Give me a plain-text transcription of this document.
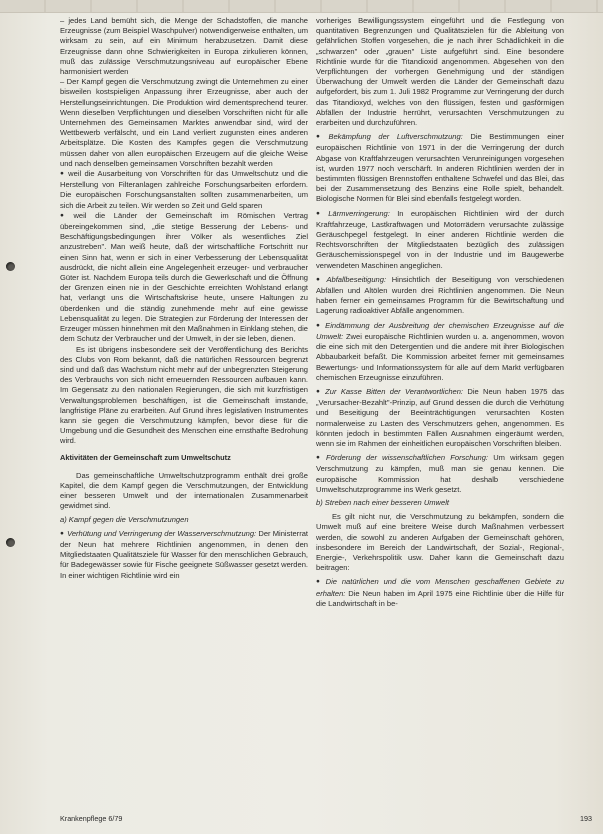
– jedes Land bemüht sich, die Menge der Schadstoffen, die manche Erzeugnisse (zum Beispiel Waschpulver) notwendigerweise enthalten, um wirksam zu sein, auf ein Minimum herabzusetzen. Damit diese Erzeugnisse dann ohne Schwierigkeiten in Europa zirkulieren können, muß das zulässige Verschmutzungsniveau auf europäischer Ebene harmonisiert werden

– Der Kampf gegen die Verschmutzung zwingt die Unternehmen zu einer bisweilen kostspieligen Anpassung ihrer Erzeugnisse, aber auch der Herstellungseinrichtungen. Die Produktion wird dementsprechend teurer. Wenn dieselben Verpflichtungen und dieselben Vorschriften nicht für alle Unternehmen des Gemeinsamen Marktes anwendbar sind, wird der Wettbewerb verfälscht, und ein Land verliert zugunsten eines anderen Arbeitsplätze. Die Kosten des Kampfes gegen die Verschmutzung müssen daher von allen europäischen Erzeugern auf die gleiche Weise und nach denselben gemeinsamen Vorschriften bezahlt werden

● weil die Ausarbeitung von Vorschriften für das Umweltschutz und die Herstellung von Filteranlagen zahlreiche Forschungsarbeiten erfordern. Die europäischen Forschungsanstalten sollten zusammenarbeiten, um sich die Arbeit zu teilen. Wir werden so Zeit und Geld sparen

● weil die Länder der Gemeinschaft im Römischen Vertrag übereingekommen sind, „die stetige Besserung der Lebens- und Beschäftigungsbedingungen ihrer Völker als wesentliches Ziel anzustreben". Man weiß heute, daß der wirtschaftliche Fortschritt nur einen Sinn hat, wenn er sich in einer Verbesserung der Lebensqualität ausdrückt, die nicht allein eine Angelegenheit erzeuger- und verbraucher Güter ist. Nachdem Europa teils durch die Gewerkschaft und die Öffnung der Grenzen einen nie in der Geschichte erreichten Wohlstand erlangt hat, verlangt uns die Wirtschaftskrise heute, unsere Haltungen zu überdenken und die ständig zunehmende mehr auf eine gewisse Lebensqualität zu legen. Die Strategien zur Förderung der Interessen der Erzeuger müssen hinnehmen mit den Maßnahmen in Einklang stehen, die dem Schutz der Verbraucher und der Umwelt, in der sie leben, dienen.

Es ist übrigens insbesondere seit der Veröffentlichung des Berichts des Clubs von Rom bekannt, daß die natürlichen Ressourcen begrenzt sind und daß das Wachstum nicht mehr auf der unbegrenzten Steigerung des Verbrauchs von sich nicht erneuernden Ressourcen aufbauen kann. Im Gegensatz zu den nationalen Regierungen, die sich mit kurzfristigen Verwaltungsproblemen beschäftigen, ist die Gemeinschaft imstande, langfristige Pläne zu erarbeiten. Auf Grund ihres legislativen Instrumentes kann sie gegen die Verschmutzung kämpfen, bevor diese für die Umgebung und die Gesundheit des Menschen eine ernsthafte Bedrohung wird.

Aktivitäten der Gemeinschaft zum Umweltschutz

Das gemeinschaftliche Umweltschutzprogramm enthält drei große Kapitel, die dem Kampf gegen die Verschmutzungen, der Entwicklung einer besseren Umwelt und der internationalen Zusammenarbeit gewidmet sind.

a) Kampf gegen die Verschmutzungen

● Verhütung und Verringerung der Wasserverschmutzung: Der Ministerrat der Neun hat mehrere Richtlinien angenommen, in denen den Mitgliedstaaten Qualitätsziele für Wasser für den menschlichen Gebrauch, für Badegewässer sowie für Fische geeignete Süßwasser gesetzt werden. In einer wichtigen Richtlinie wird ein

vorheriges Bewilligungssystem eingeführt und die Festlegung von quantitativen Begrenzungen und Qualitätszielen für die Ableitung von gefährlichen Stoffen vorgesehen, die je nach ihrer Schädlichkeit in die „schwarzen" oder „grauen" Liste aufgeführt sind. Eine besondere Richtlinie wurde für die Titandioxid angenommen. Abgesehen von den Verpflichtungen der vorhergen Genehmigung und der ständigen Überwachung der Umwelt werden die Länder der Gemeinschaft dazu aufgefordert, bis zum 1. Juli 1982 Programme zur Verringerung der durch das Titandioxyd, welches von den flüssigen, festen und gasförmigen Abfällen der Industrie herrührt, verursachten Verschmutzungen zu erarbeiten und durchzuführen.

● Bekämpfung der Luftverschmutzung: Die Bestimmungen einer europäischen Richtlinie von 1971 in der die Verringerung der durch Abgase von Kraftfahrzeugen verursachten Verunreinigungen vorgesehen ist, wurden 1977 noch verschärft. In anderen Richtlinien werden der in bestimmten flüssigen Brennstoffen enthaltene Schwefel und das Blei, das bei der Zusammensetzung des Benzins eine Rolle spielt, behandelt. Biologische Normen für Blei sind ebenfalls festgelegt worden.

● Lärmverringerung: In europäischen Richtlinien wird der durch Kraftfahrzeuge, Lastkraftwagen und Motorrädern verursachte zulässige Geräuschpegel festgelegt. In einer anderen Richtlinie werden die Rechtsvorschriften der Mitgliedstaaten bezüglich des zulässigen Geräuschemissionspegel von in der Industrie und im Baugewerbe verwendeten Maschinen angeglichen.

● Abfallbeseitigung: Hinsichtlich der Beseitigung von verschiedenen Abfällen und Altölen wurden drei Richtlinien angenommen. Die Neun haben ferner ein gemeinsames Programm für die Bewirtschaftung und Lagerung radioaktiver Abfälle angenommen.

● Eindämmung der Ausbreitung der chemischen Erzeugnisse auf die Umwelt: Zwei europäische Richtlinien wurden u. a. angenommen, wovon die eine sich mit den Detergentien und die andere mit ihrer Biologischen Abbaubarkeit befaßt. Die Kommission arbeitet ferner mit gemeinsames Bewertungs- und Informationssystem für alle auf dem Markt verfügbaren chemischen Erzeugnisse einzuführen.

● Zur Kasse Bitten der Verantwortlichen: Die Neun haben 1975 das „Verursacher-Bezahlt"-Prinzip, auf Grund dessen die durch die Verhütung und Beseitigung der Beeinträchtigungen verursachten Kosten normalerweise zu Lasten des Verschmutzers gehen, angenommen. Es könnten jedoch in bestimmten Fällen Ausnahmen eingeräumt werden, wenn sie im Rahmen der einheitlichen europäischen Vorschriften bleiben.

● Förderung der wissenschaftlichen Forschung: Um wirksam gegen Verschmutzung zu kämpfen, muß man sie genau kennen. Die europäische Kommission hat deshalb verschiedene Umweltschutzprogramme ins Werk gesetzt.

b) Streben nach einer besseren Umwelt

Es gilt nicht nur, die Verschmutzung zu bekämpfen, sondern die Umwelt muß auf eine breitere Weise durch Maßnahmen verbessert werden, die sowohl zu anderen Aufgaben der Gemeinschaft gehören, insbesondere im Bereich der Landwirtschaft, der Sozial-, Regional-, Energie-, Verkehrspolitik usw. Daher kann die Gemeinschaft dazu beitragen:

● Die natürlichen und die vom Menschen geschaffenen Gebiete zu erhalten: Die Neun haben im April 1975 eine Richtlinie über die Hilfe für die Landwirtschaft in be-

Krankenpflege 6/79	193
